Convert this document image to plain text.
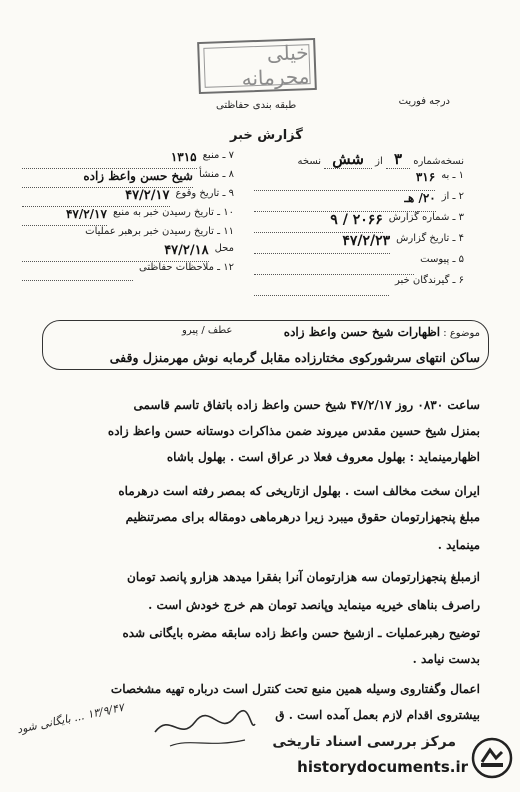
خیلی محرمانه
درجه فوریت
طبقه بندی حفاظتی
گزارش خبر
نسخه‌شماره ۳ از شش نسخه
۱ ـ به
۳۱۶
۲ ـ از
۲۰/ هـ
۳ ـ شماره گزارش
۲۰۶۶ / ۹
۴ ـ تاریخ گزارش
۴۷/۲/۲۳
۵ ـ پیوست
۶ ـ گیرندگان خبر
۷ ـ منبع
۱۳۱۵
۸ ـ منشأ
شیخ حسن واعظ زاده
۹ ـ تاریخ وقوع
۴۷/۲/۱۷
۱۰ ـ تاریخ رسیدن خبر به منبع
۴۷/۲/۱۷
۱۱ ـ تاریخ رسیدن خبر برهبر عملیات
محل
۴۷/۲/۱۸
۱۲ ـ ملاحظات حفاظتی
موضوع : اظهارات شیخ حسن واعظ زاده
عطف / پیرو
ساکن انتهای سرشورکوی مختارزاده مقابل گرمابه نوش مهرمنزل وقفی
ساعت ۰۸۳۰ روز ۴۷/۲/۱۷ شیخ حسن واعظ زاده باتفاق تاسم قاسمی
بمنزل شیخ حسین مقدس میروند ضمن مذاکرات دوستانه حسن واعظ زاده
اظهارمینماید : بهلول معروف فعلا در عراق است . بهلول باشاه
ایران سخت مخالف است . بهلول ازتاریخی که بمصر رفته است درهرماه
مبلغ پنجهزارتومان حقوق میبرد زیرا درهرماهی دومقاله برای مصرتنظیم
مینماید .
ازمبلغ پنجهزارتومان سه هزارتومان آنرا بفقرا میدهد هزارو پانصد تومان
راصرف بناهای خیریه مینماید وپانصد تومان هم خرج خودش است .
توضیح رهبرعملیات ـ ازشیخ حسن واعظ زاده سابقه مضره بایگانی شده
بدست نیامد .
اعمال وگفتاروی وسیله همین منبع تحت کنترل است درباره تهیه مشخصات
بیشتروی اقدام لازم بعمل آمده است . ق
۱۳/۹/۴۷ ... بایگانی شود
مرکز بررسی اسناد تاریخی
historydocuments.ir
